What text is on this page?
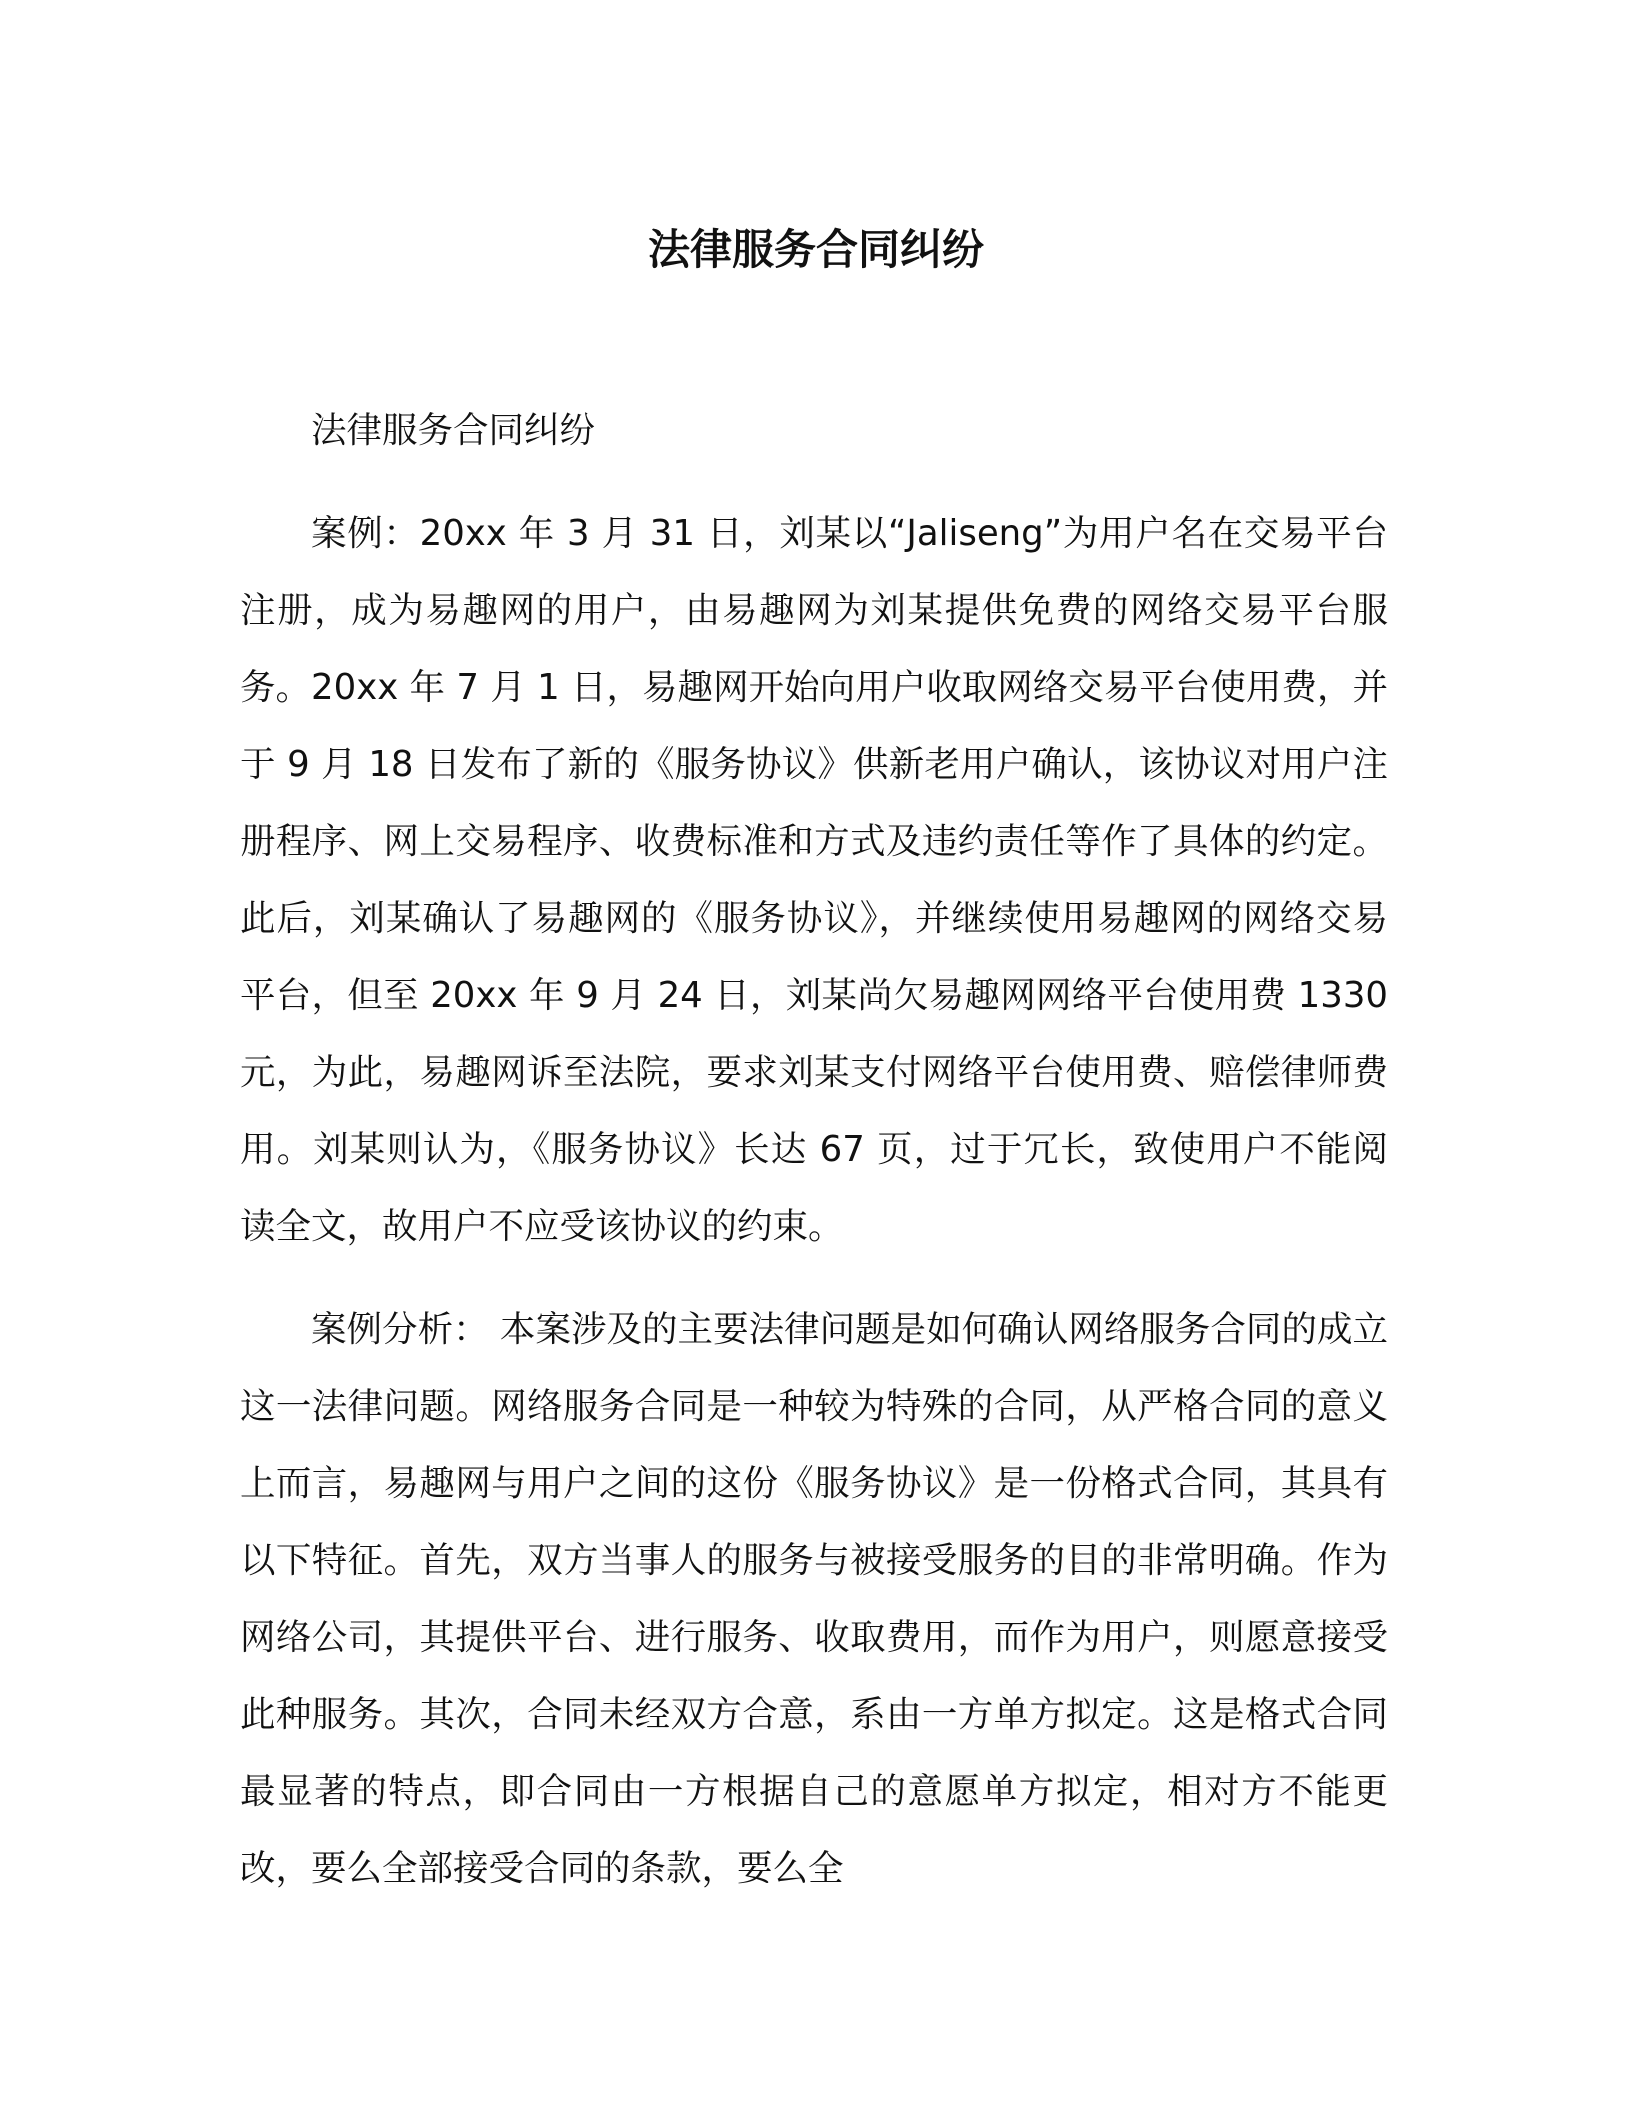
法律服务合同纠纷

法律服务合同纠纷

案例：20xx 年 3 月 31 日，刘某以“Jaliseng”为用户名在交易平台注册，成为易趣网的用户，由易趣网为刘某提供免费的网络交易平台服务。20xx 年 7 月 1 日，易趣网开始向用户收取网络交易平台使用费，并于 9 月 18 日发布了新的《服务协议》供新老用户确认，该协议对用户注册程序、网上交易程序、收费标准和方式及违约责任等作了具体的约定。此后，刘某确认了易趣网的《服务协议》，并继续使用易趣网的网络交易平台，但至 20xx 年 9 月 24 日，刘某尚欠易趣网网络平台使用费 1330 元，为此，易趣网诉至法院，要求刘某支付网络平台使用费、赔偿律师费用。刘某则认为，《服务协议》长达 67 页，过于冗长，致使用户不能阅读全文，故用户不应受该协议的约束。

案例分析： 本案涉及的主要法律问题是如何确认网络服务合同的成立这一法律问题。网络服务合同是一种较为特殊的合同，从严格合同的意义上而言，易趣网与用户之间的这份《服务协议》是一份格式合同，其具有以下特征。首先，双方当事人的服务与被接受服务的目的非常明确。作为网络公司，其提供平台、进行服务、收取费用，而作为用户，则愿意接受此种服务。其次，合同未经双方合意，系由一方单方拟定。这是格式合同最显著的特点，即合同由一方根据自己的意愿单方拟定，相对方不能更改，要么全部接受合同的条款，要么全
